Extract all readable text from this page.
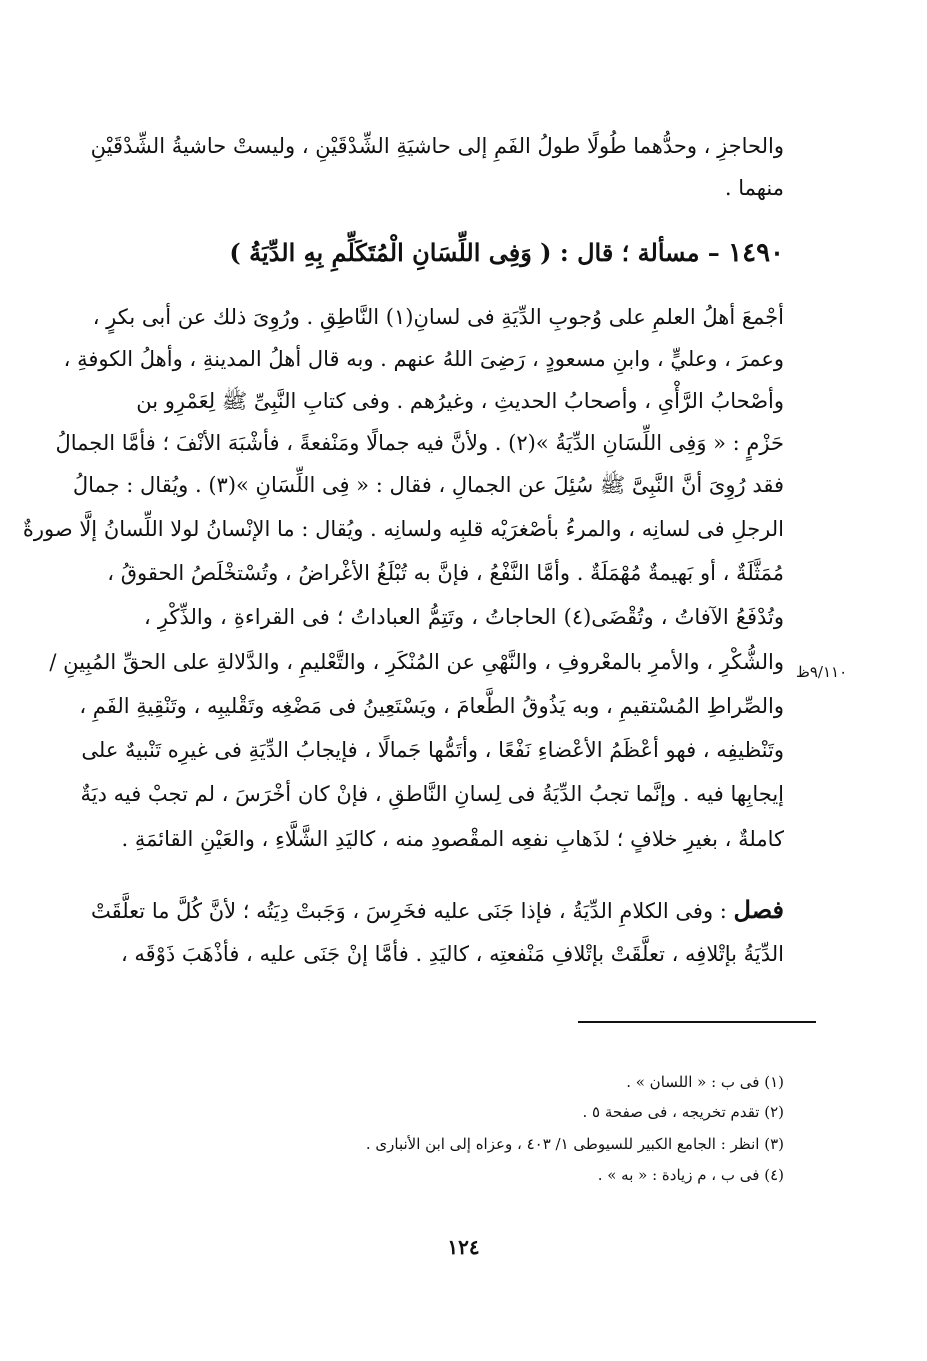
والحاجزِ ، وحدُّهما طُولًا طولُ الفَمِ إلى حاشيَةِ الشِّدْقَيْنِ ، وليستْ حاشيةُ الشِّدْقَيْنِ
منهما .
١٤٩٠ – مسألة ؛ قال : ( وَفِى اللِّسَانِ الْمُتَكَلِّمِ بِهِ الدِّيَةُ )
أجْمعَ أهلُ العلمِ على وُجوبِ الدِّيَةِ فى لسانِ(١) النَّاطِقِ . ورُوِىَ ذلك عن أبى بكرٍ ،
وعمرَ ، وعليٍّ ، وابنِ مسعودٍ ، رَضِىَ اللهُ عنهم . وبه قال أهلُ المدينةِ ، وأهلُ الكوفةِ ،
وأصْحابُ الرَّأْىِ ، وأصحابُ الحديثِ ، وغيرُهم . وفى كتابِ النَّبِىِّ ﷺ لِعَمْرِو بن
حَزْمٍ : « وَفِى اللِّسَانِ الدِّيَةُ »(٢) . ولأنَّ فيه جمالًا ومَنْفعةً ، فأشْبَهَ الأنْفَ ؛ فأمَّا الجمالُ
فقد رُوِىَ أنَّ النَّبِىَّ ﷺ سُئِلَ عن الجمالِ ، فقال : « فِى اللِّسَانِ »(٣) . ويُقال : جمالُ
الرجلِ فى لسانِه ، والمرءُ بأصْغرَيْه قلبِه ولسانِه . ويُقال : ما الإنْسانُ لولا اللِّسانُ إلَّا صورةٌ
مُمَثَّلَةٌ ، أو بَهيمةٌ مُهْمَلَةٌ . وأمَّا النَّفْعُ ، فإنَّ به تُبْلَغُ الأغْراضُ ، وتُسْتخْلَصُ الحقوقُ ،
وتُدْفَعُ الآفاتُ ، وتُقْضَى(٤) الحاجاتُ ، وتَتِمُّ العباداتُ ؛ فى القراءةِ ، والذِّكْرِ ،
والشُّكْرِ ، والأمرِ بالمعْروفِ ، والنَّهْىِ عن المُنْكَرِ ، والتَّعْليمِ ، والدَّلالةِ على الحقِّ المُبِينِ /
والصِّراطِ المُسْتقيمِ ، وبه يَذُوقُ الطَّعامَ ، ويَسْتَعِينُ فى مَضْغِه وتَقْليبِه ، وتَنْقِيةِ الفَمِ ،
وتَنْظيفِه ، فهو أعْظَمُ الأعْضاءِ نَفْعًا ، وأتَمُّها جَمالًا ، فإيجابُ الدِّيَةِ فى غيرِه تَنْبيهٌ على
إيجابِها فيه . وإنَّما تجبُ الدِّيَةُ فى لِسانِ النَّاطقِ ، فإنْ كان أخْرَسَ ، لم تجبْ فيه ديَةٌ
كاملةٌ ، بغيرِ خلافٍ ؛ لذَهابِ نفعِه المقْصودِ منه ، كاليَدِ الشَّلَّاءِ ، والعَيْنِ القائمَةِ .
٩/١١٠ظ
فصل : وفى الكلامِ الدِّيَةُ ، فإذا جَنَى عليه فخَرِسَ ، وَجَبتْ دِيَتُه ؛ لأنَّ كُلَّ ما تعلَّقَتْ
الدِّيَةُ بإتْلافِه ، تعلَّقَتْ بإتْلافِ مَنْفعتِه ، كاليَدِ . فأمَّا إنْ جَنَى عليه ، فأذْهَبَ ذَوْقَه ،
(١) فى ب : « اللسان » .
(٢) تقدم تخريجه ، فى صفحة ٥ .
(٣) انظر : الجامع الكبير للسيوطى ١/ ٤٠٣ ، وعزاه إلى ابن الأنبارى .
(٤) فى ب ، م زيادة : « به » .
١٢٤
